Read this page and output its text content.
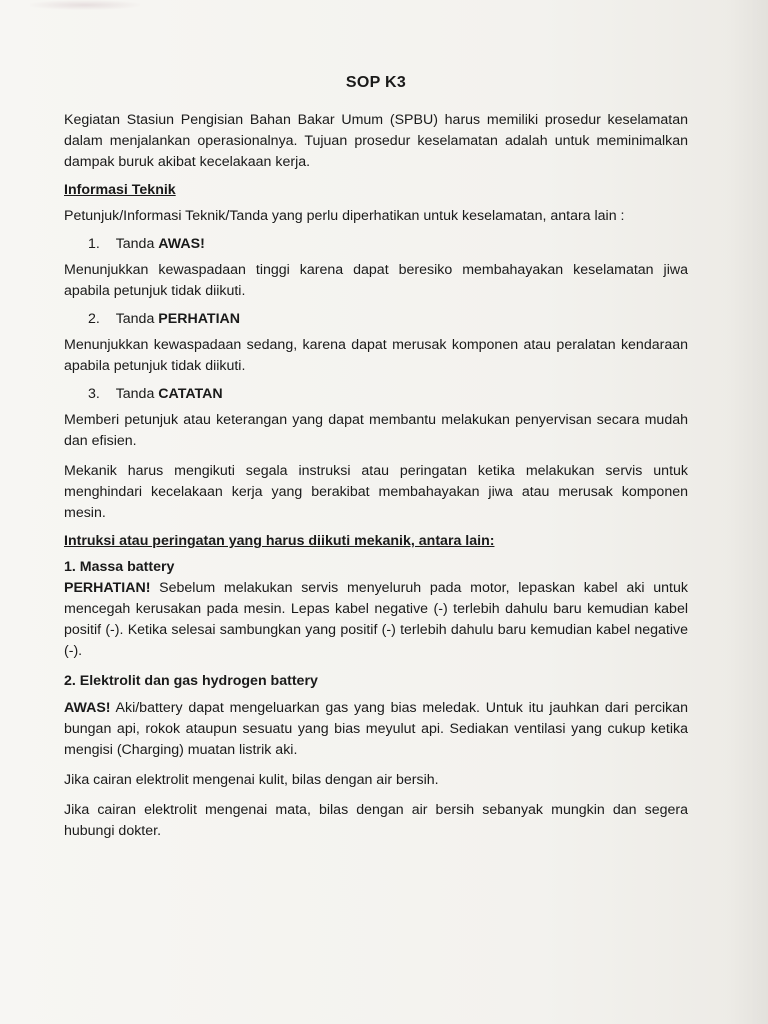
SOP K3

Kegiatan Stasiun Pengisian Bahan Bakar Umum (SPBU) harus memiliki prosedur keselamatan dalam menjalankan operasionalnya. Tujuan prosedur keselamatan adalah untuk meminimalkan dampak buruk akibat kecelakaan kerja.

Informasi Teknik

Petunjuk/Informasi Teknik/Tanda yang perlu diperhatikan untuk keselamatan, antara lain :

1. Tanda AWAS!

Menunjukkan kewaspadaan tinggi karena dapat beresiko membahayakan keselamatan jiwa apabila petunjuk tidak diikuti.

2. Tanda PERHATIAN

Menunjukkan kewaspadaan sedang, karena dapat merusak komponen atau peralatan kendaraan apabila petunjuk tidak diikuti.

3. Tanda CATATAN

Memberi petunjuk atau keterangan yang dapat membantu melakukan penyervisan secara mudah dan efisien.

Mekanik harus mengikuti segala instruksi atau peringatan ketika melakukan servis untuk menghindari kecelakaan kerja yang berakibat membahayakan jiwa atau merusak komponen mesin.

Intruksi atau peringatan yang harus diikuti mekanik, antara lain:
1. Massa battery

PERHATIAN! Sebelum melakukan servis menyeluruh pada motor, lepaskan kabel aki untuk mencegah kerusakan pada mesin. Lepas kabel negative (-) terlebih dahulu baru kemudian kabel positif (-). Ketika selesai sambungkan yang positif (-) terlebih dahulu baru kemudian kabel negative (-).

2. Elektrolit dan gas hydrogen battery

AWAS! Aki/battery dapat mengeluarkan gas yang bias meledak. Untuk itu jauhkan dari percikan bungan api, rokok ataupun sesuatu yang bias meyulut api. Sediakan ventilasi yang cukup ketika mengisi (Charging) muatan listrik aki.

Jika cairan elektrolit mengenai kulit, bilas dengan air bersih.

Jika cairan elektrolit mengenai mata, bilas dengan air bersih sebanyak mungkin dan segera hubungi dokter.
